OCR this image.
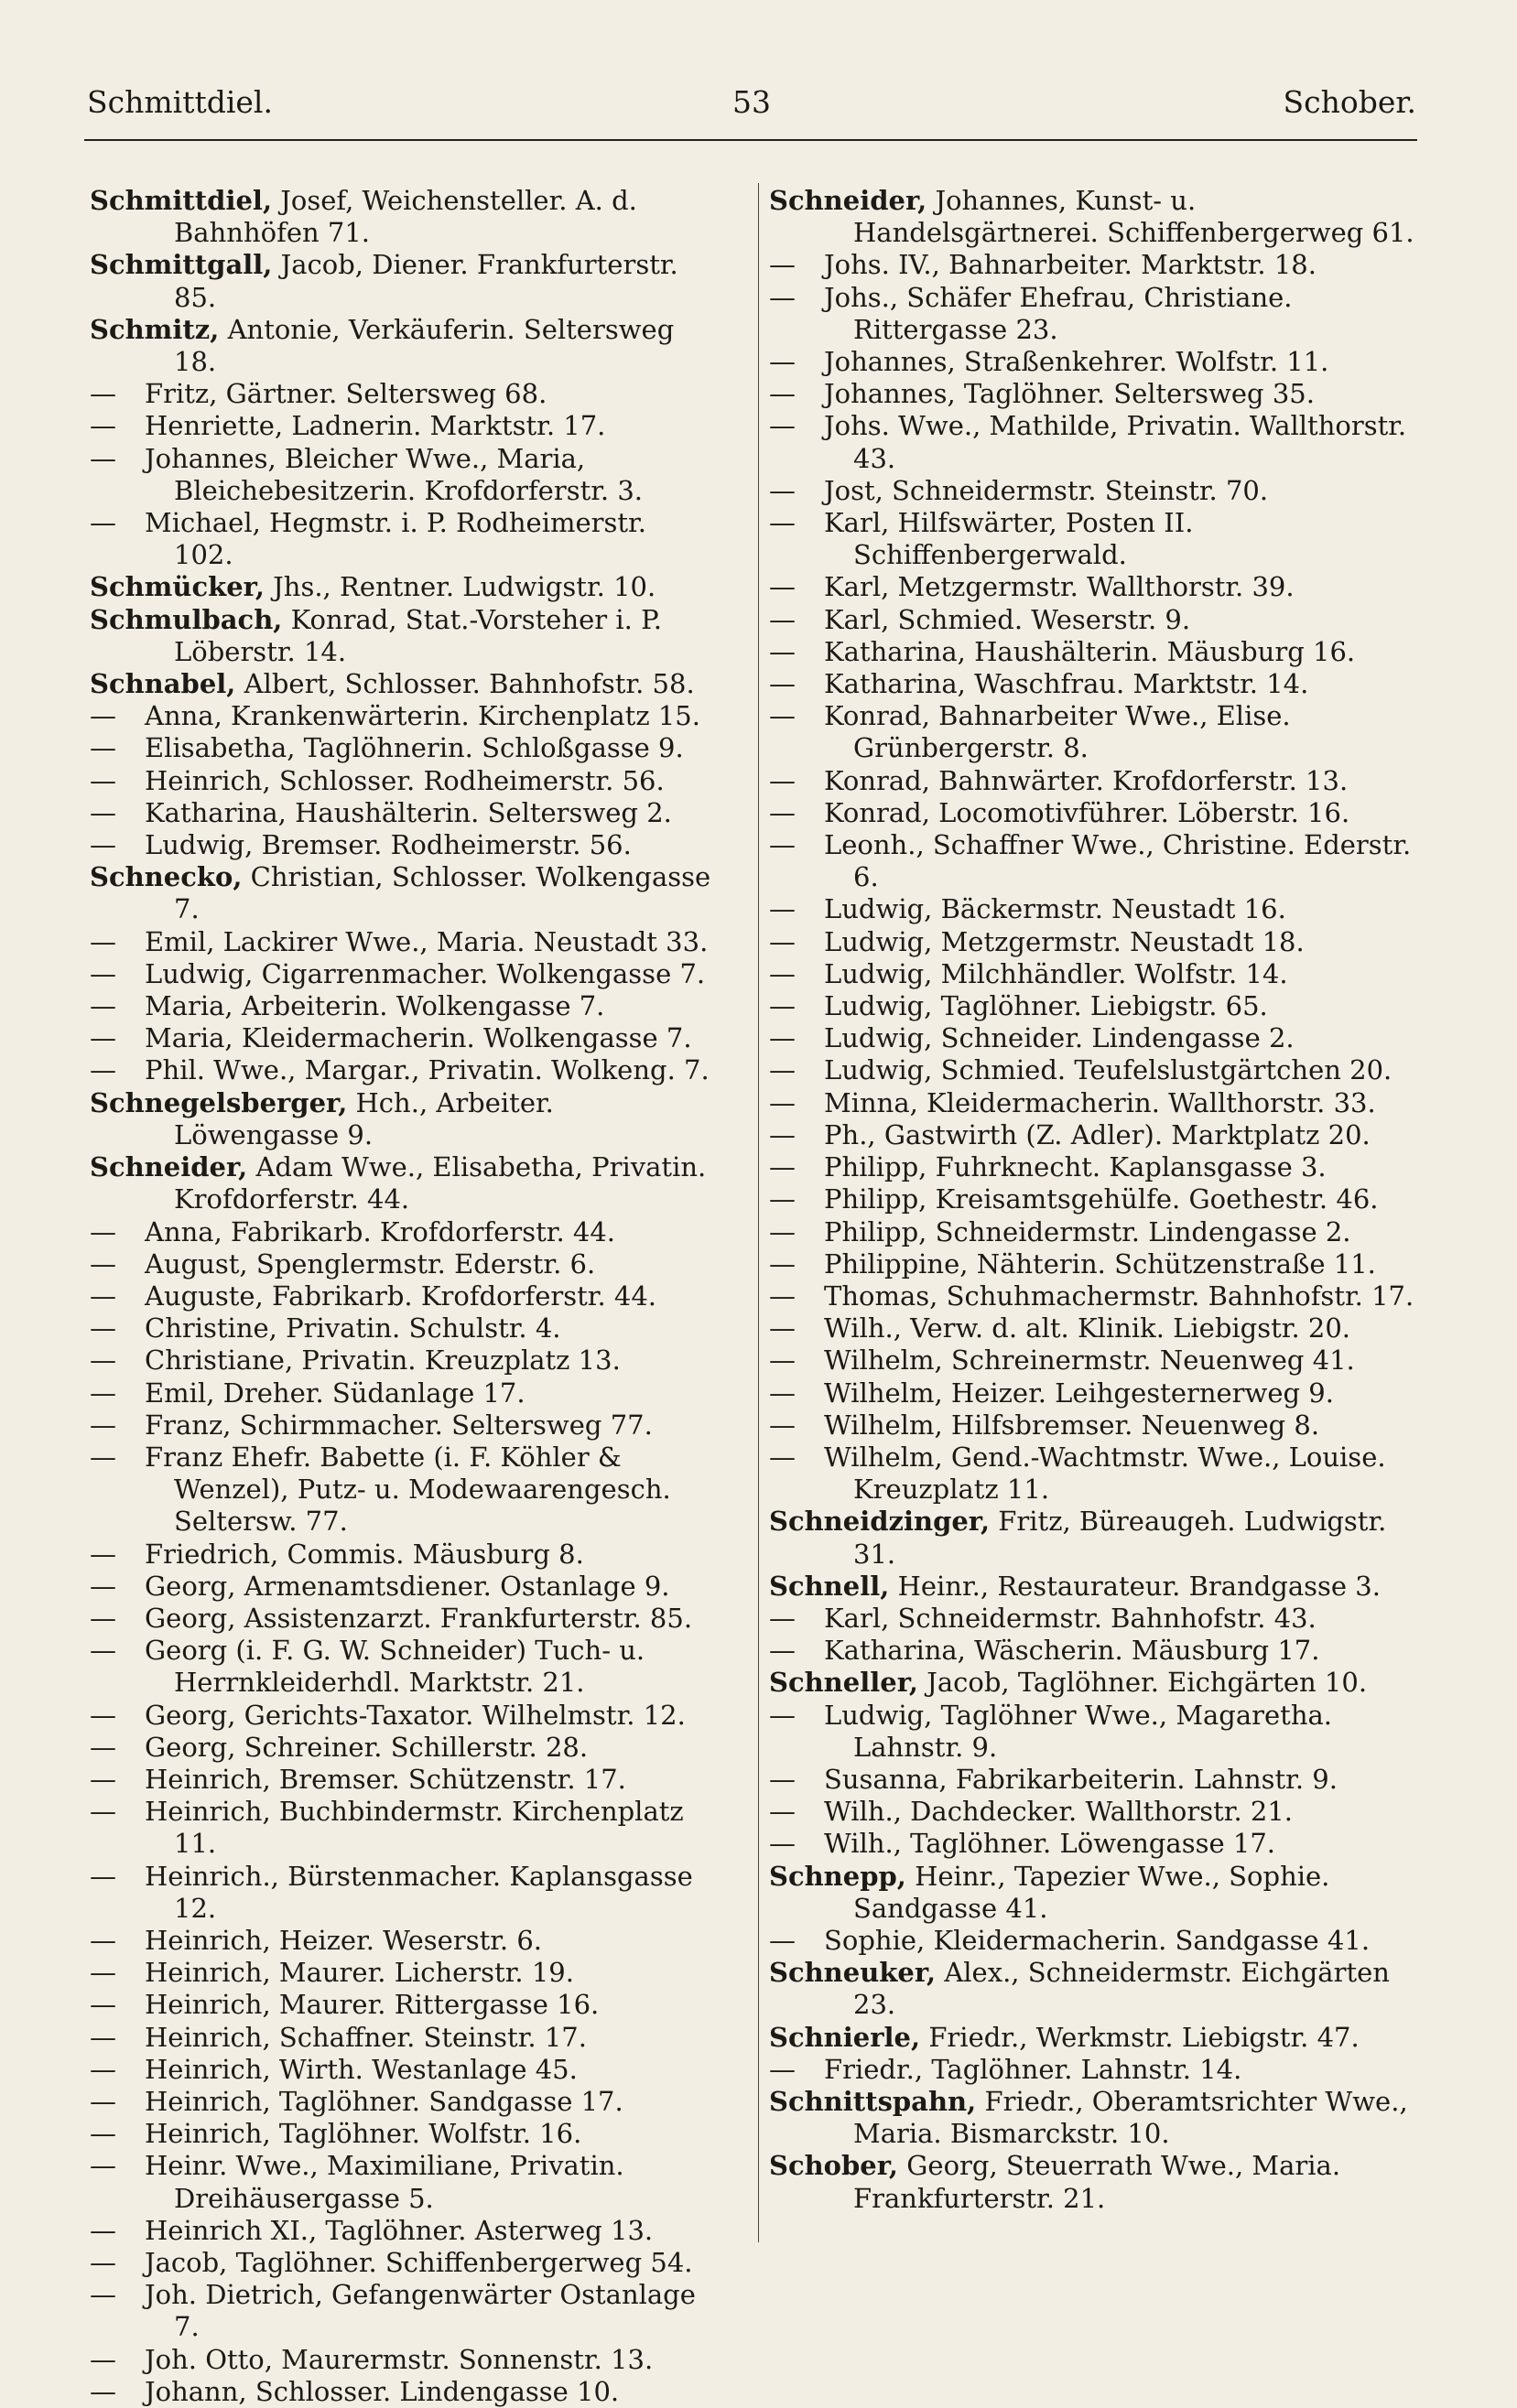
Schmittdiel.	53	Schober.
Schmittdiel, Josef, Weichensteller. A. d. Bahnhöfen 71.
Schmittgall, Jacob, Diener. Frankfurterstr. 85.
Schmitz, Antonie, Verkäuferin. Seltersweg 18.
— Fritz, Gärtner. Seltersweg 68.
— Henriette, Ladnerin. Marktstr. 17.
— Johannes, Bleicher Wwe., Maria, Bleichebesitzerin. Krofdorferstr. 3.
— Michael, Hegmstr. i. P. Rodheimerstr. 102.
Schmücker, Jhs., Rentner. Ludwigstr. 10.
Schmulbach, Konrad, Stat.-Vorsteher i. P. Löberstr. 14.
Schnabel, Albert, Schlosser. Bahnhofstr. 58.
— Anna, Krankenwärterin. Kirchenplatz 15.
— Elisabetha, Taglöhnerin. Schloßgasse 9.
— Heinrich, Schlosser. Rodheimerstr. 56.
— Katharina, Haushälterin. Seltersweg 2.
— Ludwig, Bremser. Rodheimerstr. 56.
Schnecko, Christian, Schlosser. Wolkengasse 7.
— Emil, Lackirer Wwe., Maria. Neustadt 33.
— Ludwig, Cigarrenmacher. Wolkengasse 7.
— Maria, Arbeiterin. Wolkengasse 7.
— Maria, Kleidermacherin. Wolkengasse 7.
— Phil. Wwe., Margar., Privatin. Wolkeng. 7.
Schnegelsberger, Hch., Arbeiter. Löwengasse 9.
Schneider, Adam Wwe., Elisabetha, Privatin. Krofdorferstr. 44.
— Anna, Fabrikarb. Krofdorferstr. 44.
— August, Spenglermstr. Ederstr. 6.
— Auguste, Fabrikarb. Krofdorferstr. 44.
— Christine, Privatin. Schulstr. 4.
— Christiane, Privatin. Kreuzplatz 13.
— Emil, Dreher. Südanlage 17.
— Franz, Schirmmacher. Seltersweg 77.
— Franz Ehefr. Babette (i. F. Köhler & Wenzel), Putz- u. Modewaarengesch. Seltersw. 77.
— Friedrich, Commis. Mäusburg 8.
— Georg, Armenamtsdiener. Ostanlage 9.
— Georg, Assistenzarzt. Frankfurterstr. 85.
— Georg (i. F. G. W. Schneider) Tuch- u. Herrnkleiderhdl. Marktstr. 21.
— Georg, Gerichts-Taxator. Wilhelmstr. 12.
— Georg, Schreiner. Schillerstr. 28.
— Heinrich, Bremser. Schützenstr. 17.
— Heinrich, Buchbindermstr. Kirchenplatz 11.
— Heinrich., Bürstenmacher. Kaplansgasse 12.
— Heinrich, Heizer. Weserstr. 6.
— Heinrich, Maurer. Licherstr. 19.
— Heinrich, Maurer. Rittergasse 16.
— Heinrich, Schaffner. Steinstr. 17.
— Heinrich, Wirth. Westanlage 45.
— Heinrich, Taglöhner. Sandgasse 17.
— Heinrich, Taglöhner. Wolfstr. 16.
— Heinr. Wwe., Maximiliane, Privatin. Dreihäusergasse 5.
— Heinrich XI., Taglöhner. Asterweg 13.
— Jacob, Taglöhner. Schiffenbergerweg 54.
— Joh. Dietrich, Gefangenwärter Ostanlage 7.
— Joh. Otto, Maurermstr. Sonnenstr. 13.
— Johann, Schlosser. Lindengasse 10.
Schneider, Johannes, Kunst- u. Handelsgärtnerei. Schiffenbergerweg 61.
— Johs. IV., Bahnarbeiter. Marktstr. 18.
— Johs., Schäfer Ehefrau, Christiane. Rittergasse 23.
— Johannes, Straßenkehrer. Wolfstr. 11.
— Johannes, Taglöhner. Seltersweg 35.
— Johs. Wwe., Mathilde, Privatin. Wallthorstr. 43.
— Jost, Schneidermstr. Steinstr. 70.
— Karl, Hilfswärter, Posten II. Schiffenbergerwald.
— Karl, Metzgermstr. Wallthorstr. 39.
— Karl, Schmied. Weserstr. 9.
— Katharina, Haushälterin. Mäusburg 16.
— Katharina, Waschfrau. Marktstr. 14.
— Konrad, Bahnarbeiter Wwe., Elise. Grünbergerstr. 8.
— Konrad, Bahnwärter. Krofdorferstr. 13.
— Konrad, Locomotivführer. Löberstr. 16.
— Leonh., Schaffner Wwe., Christine. Ederstr. 6.
— Ludwig, Bäckermstr. Neustadt 16.
— Ludwig, Metzgermstr. Neustadt 18.
— Ludwig, Milchhändler. Wolfstr. 14.
— Ludwig, Taglöhner. Liebigstr. 65.
— Ludwig, Schneider. Lindengasse 2.
— Ludwig, Schmied. Teufelslustgärtchen 20.
— Minna, Kleidermacherin. Wallthorstr. 33.
— Ph., Gastwirth (Z. Adler). Marktplatz 20.
— Philipp, Fuhrknecht. Kaplansgasse 3.
— Philipp, Kreisamtsgehülfe. Goethestr. 46.
— Philipp, Schneidermstr. Lindengasse 2.
— Philippine, Nähterin. Schützenstraße 11.
— Thomas, Schuhmachermstr. Bahnhofstr. 17.
— Wilh., Verw. d. alt. Klinik. Liebigstr. 20.
— Wilhelm, Schreinermstr. Neuenweg 41.
— Wilhelm, Heizer. Leihgesternerweg 9.
— Wilhelm, Hilfsbremser. Neuenweg 8.
— Wilhelm, Gend.-Wachtmstr. Wwe., Louise. Kreuzplatz 11.
Schneidzinger, Fritz, Büreaugeh. Ludwigstr. 31.
Schnell, Heinr., Restaurateur. Brandgasse 3.
— Karl, Schneidermstr. Bahnhofstr. 43.
— Katharina, Wäscherin. Mäusburg 17.
Schneller, Jacob, Taglöhner. Eichgärten 10.
— Ludwig, Taglöhner Wwe., Magaretha. Lahnstr. 9.
— Susanna, Fabrikarbeiterin. Lahnstr. 9.
— Wilh., Dachdecker. Wallthorstr. 21.
— Wilh., Taglöhner. Löwengasse 17.
Schnepp, Heinr., Tapezier Wwe., Sophie. Sandgasse 41.
— Sophie, Kleidermacherin. Sandgasse 41.
Schneuker, Alex., Schneidermstr. Eichgärten 23.
Schnierle, Friedr., Werkmstr. Liebigstr. 47.
— Friedr., Taglöhner. Lahnstr. 14.
Schnittspahn, Friedr., Oberamtsrichter Wwe., Maria. Bismarckstr. 10.
Schober, Georg, Steuerrath Wwe., Maria. Frankfurterstr. 21.
